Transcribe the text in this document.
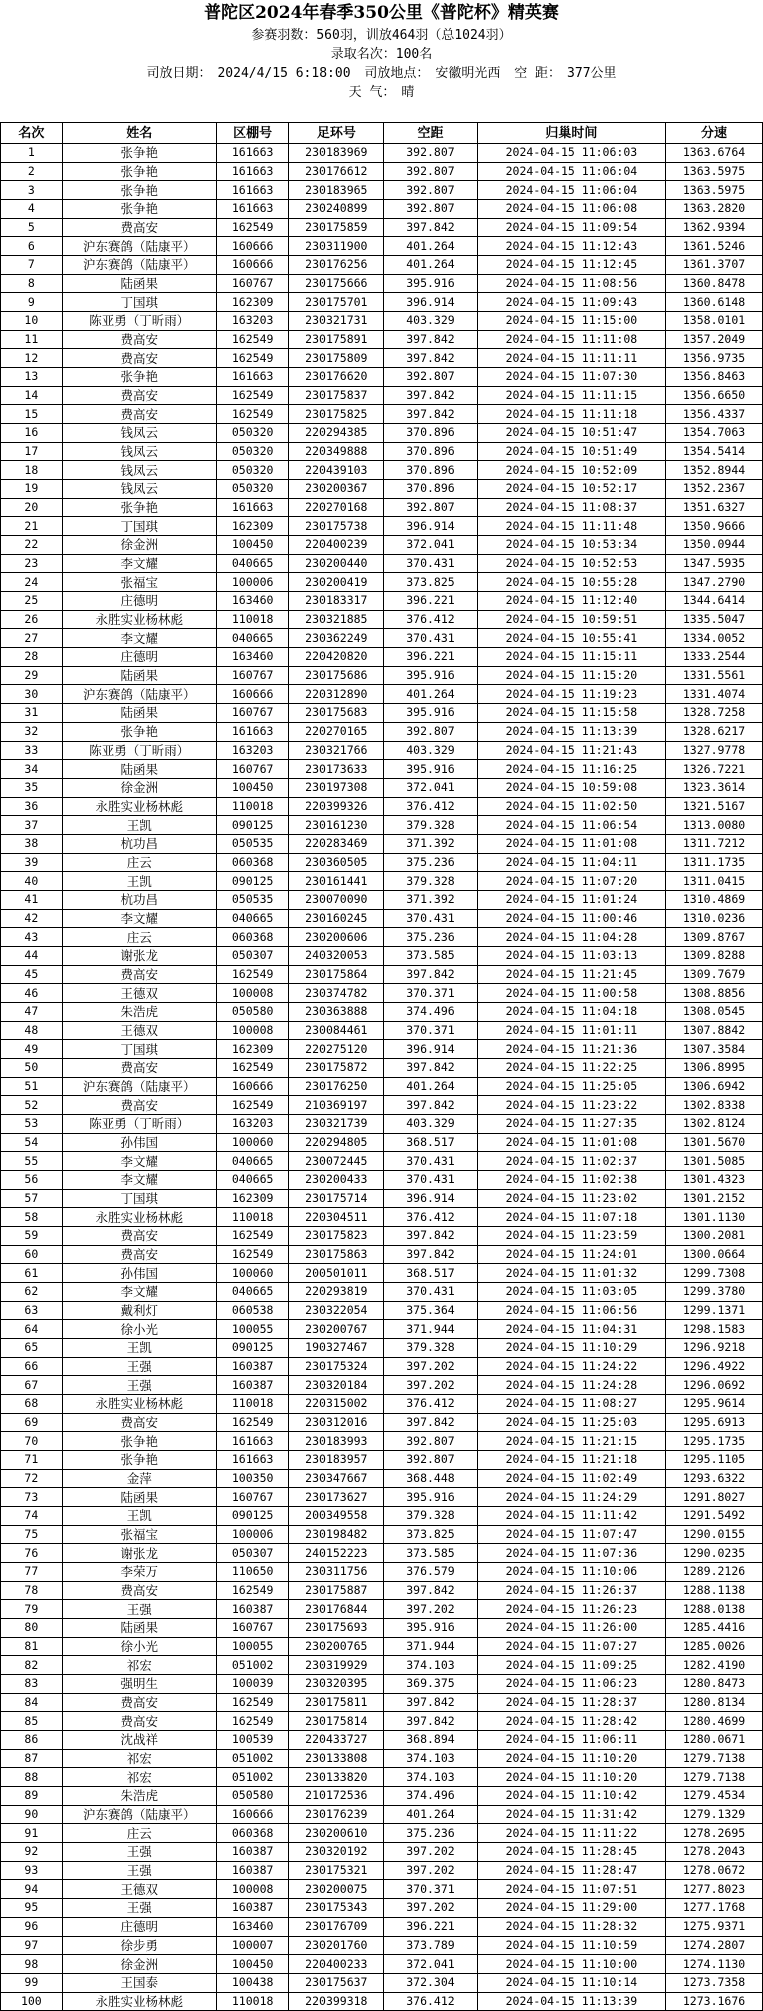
普陀区2024年春季350公里《普陀杯》精英赛
参赛羽数：560羽，训放464羽（总1024羽）
录取名次：100名
司放日期： 2024/4/15 6:18:00 司放地点： 安徽明光西 空 距： 377公里
天 气： 晴
名次	姓名	区棚号	足环号	空距	归巢时间	分速
1	张争艳	161663	230183969	392.807	2024-04-15 11:06:03	1363.6764
2	张争艳	161663	230176612	392.807	2024-04-15 11:06:04	1363.5975
3	张争艳	161663	230183965	392.807	2024-04-15 11:06:04	1363.5975
4	张争艳	161663	230240899	392.807	2024-04-15 11:06:08	1363.2820
5	费高安	162549	230175859	397.842	2024-04-15 11:09:54	1362.9394
6	沪东赛鸽（陆康平）	160666	230311900	401.264	2024-04-15 11:12:43	1361.5246
7	沪东赛鸽（陆康平）	160666	230176256	401.264	2024-04-15 11:12:45	1361.3707
8	陆函果	160767	230175666	395.916	2024-04-15 11:08:56	1360.8478
9	丁国琪	162309	230175701	396.914	2024-04-15 11:09:43	1360.6148
10	陈亚勇（丁昕雨）	163203	230321731	403.329	2024-04-15 11:15:00	1358.0101
11	费高安	162549	230175891	397.842	2024-04-15 11:11:08	1357.2049
12	费高安	162549	230175809	397.842	2024-04-15 11:11:11	1356.9735
13	张争艳	161663	230176620	392.807	2024-04-15 11:07:30	1356.8463
14	费高安	162549	230175837	397.842	2024-04-15 11:11:15	1356.6650
15	费高安	162549	230175825	397.842	2024-04-15 11:11:18	1356.4337
16	钱凤云	050320	220294385	370.896	2024-04-15 10:51:47	1354.7063
17	钱凤云	050320	220349888	370.896	2024-04-15 10:51:49	1354.5414
18	钱凤云	050320	220439103	370.896	2024-04-15 10:52:09	1352.8944
19	钱凤云	050320	230200367	370.896	2024-04-15 10:52:17	1352.2367
20	张争艳	161663	220270168	392.807	2024-04-15 11:08:37	1351.6327
21	丁国琪	162309	230175738	396.914	2024-04-15 11:11:48	1350.9666
22	徐金洲	100450	220400239	372.041	2024-04-15 10:53:34	1350.0944
23	李文耀	040665	230200440	370.431	2024-04-15 10:52:53	1347.5935
24	张福宝	100006	230200419	373.825	2024-04-15 10:55:28	1347.2790
25	庄德明	163460	230183317	396.221	2024-04-15 11:12:40	1344.6414
26	永胜实业杨林彪	110018	230321885	376.412	2024-04-15 10:59:51	1335.5047
27	李文耀	040665	230362249	370.431	2024-04-15 10:55:41	1334.0052
28	庄德明	163460	220420820	396.221	2024-04-15 11:15:11	1333.2544
29	陆函果	160767	230175686	395.916	2024-04-15 11:15:20	1331.5561
30	沪东赛鸽（陆康平）	160666	220312890	401.264	2024-04-15 11:19:23	1331.4074
31	陆函果	160767	230175683	395.916	2024-04-15 11:15:58	1328.7258
32	张争艳	161663	220270165	392.807	2024-04-15 11:13:39	1328.6217
33	陈亚勇（丁昕雨）	163203	230321766	403.329	2024-04-15 11:21:43	1327.9778
34	陆函果	160767	230173633	395.916	2024-04-15 11:16:25	1326.7221
35	徐金洲	100450	230197308	372.041	2024-04-15 10:59:08	1323.3614
36	永胜实业杨林彪	110018	220399326	376.412	2024-04-15 11:02:50	1321.5167
37	王凯	090125	230161230	379.328	2024-04-15 11:06:54	1313.0080
38	杭功昌	050535	220283469	371.392	2024-04-15 11:01:08	1311.7212
39	庄云	060368	230360505	375.236	2024-04-15 11:04:11	1311.1735
40	王凯	090125	230161441	379.328	2024-04-15 11:07:20	1311.0415
41	杭功昌	050535	230070090	371.392	2024-04-15 11:01:24	1310.4869
42	李文耀	040665	230160245	370.431	2024-04-15 11:00:46	1310.0236
43	庄云	060368	230200606	375.236	2024-04-15 11:04:28	1309.8767
44	谢张龙	050307	240320053	373.585	2024-04-15 11:03:13	1309.8288
45	费高安	162549	230175864	397.842	2024-04-15 11:21:45	1309.7679
46	王德双	100008	230374782	370.371	2024-04-15 11:00:58	1308.8856
47	朱浩虎	050580	230363888	374.496	2024-04-15 11:04:18	1308.0545
48	王德双	100008	230084461	370.371	2024-04-15 11:01:11	1307.8842
49	丁国琪	162309	220275120	396.914	2024-04-15 11:21:36	1307.3584
50	费高安	162549	230175872	397.842	2024-04-15 11:22:25	1306.8995
51	沪东赛鸽（陆康平）	160666	230176250	401.264	2024-04-15 11:25:05	1306.6942
52	费高安	162549	210369197	397.842	2024-04-15 11:23:22	1302.8338
53	陈亚勇（丁昕雨）	163203	230321739	403.329	2024-04-15 11:27:35	1302.8124
54	孙伟国	100060	220294805	368.517	2024-04-15 11:01:08	1301.5670
55	李文耀	040665	230072445	370.431	2024-04-15 11:02:37	1301.5085
56	李文耀	040665	230200433	370.431	2024-04-15 11:02:38	1301.4323
57	丁国琪	162309	230175714	396.914	2024-04-15 11:23:02	1301.2152
58	永胜实业杨林彪	110018	220304511	376.412	2024-04-15 11:07:18	1301.1130
59	费高安	162549	230175823	397.842	2024-04-15 11:23:59	1300.2081
60	费高安	162549	230175863	397.842	2024-04-15 11:24:01	1300.0664
61	孙伟国	100060	200501011	368.517	2024-04-15 11:01:32	1299.7308
62	李文耀	040665	220293819	370.431	2024-04-15 11:03:05	1299.3780
63	戴利灯	060538	230322054	375.364	2024-04-15 11:06:56	1299.1371
64	徐小光	100055	230200767	371.944	2024-04-15 11:04:31	1298.1583
65	王凯	090125	190327467	379.328	2024-04-15 11:10:29	1296.9218
66	王强	160387	230175324	397.202	2024-04-15 11:24:22	1296.4922
67	王强	160387	230320184	397.202	2024-04-15 11:24:28	1296.0692
68	永胜实业杨林彪	110018	220315002	376.412	2024-04-15 11:08:27	1295.9614
69	费高安	162549	230312016	397.842	2024-04-15 11:25:03	1295.6913
70	张争艳	161663	230183993	392.807	2024-04-15 11:21:15	1295.1735
71	张争艳	161663	230183957	392.807	2024-04-15 11:21:18	1295.1105
72	金萍	100350	230347667	368.448	2024-04-15 11:02:49	1293.6322
73	陆函果	160767	230173627	395.916	2024-04-15 11:24:29	1291.8027
74	王凯	090125	200349558	379.328	2024-04-15 11:11:42	1291.5492
75	张福宝	100006	230198482	373.825	2024-04-15 11:07:47	1290.0155
76	谢张龙	050307	240152223	373.585	2024-04-15 11:07:36	1290.0235
77	李荣万	110650	230311756	376.579	2024-04-15 11:10:06	1289.2126
78	费高安	162549	230175887	397.842	2024-04-15 11:26:37	1288.1138
79	王强	160387	230176844	397.202	2024-04-15 11:26:23	1288.0138
80	陆函果	160767	230175693	395.916	2024-04-15 11:26:00	1285.4416
81	徐小光	100055	230200765	371.944	2024-04-15 11:07:27	1285.0026
82	祁宏	051002	230319929	374.103	2024-04-15 11:09:25	1282.4190
83	强明生	100039	230320395	369.375	2024-04-15 11:06:23	1280.8473
84	费高安	162549	230175811	397.842	2024-04-15 11:28:37	1280.8134
85	费高安	162549	230175814	397.842	2024-04-15 11:28:42	1280.4699
86	沈战祥	100539	220433727	368.894	2024-04-15 11:06:11	1280.0671
87	祁宏	051002	230133808	374.103	2024-04-15 11:10:20	1279.7138
88	祁宏	051002	230133820	374.103	2024-04-15 11:10:20	1279.7138
89	朱浩虎	050580	210172536	374.496	2024-04-15 11:10:42	1279.4534
90	沪东赛鸽（陆康平）	160666	230176239	401.264	2024-04-15 11:31:42	1279.1329
91	庄云	060368	230200610	375.236	2024-04-15 11:11:22	1278.2695
92	王强	160387	230320192	397.202	2024-04-15 11:28:45	1278.2043
93	王强	160387	230175321	397.202	2024-04-15 11:28:47	1278.0672
94	王德双	100008	230200075	370.371	2024-04-15 11:07:51	1277.8023
95	王强	160387	230175343	397.202	2024-04-15 11:29:00	1277.1768
96	庄德明	163460	230176709	396.221	2024-04-15 11:28:32	1275.9371
97	徐步勇	100007	230201760	373.789	2024-04-15 11:10:59	1274.2807
98	徐金洲	100450	220400233	372.041	2024-04-15 11:10:00	1274.1130
99	王国泰	100438	230175637	372.304	2024-04-15 11:10:14	1273.7358
100	永胜实业杨林彪	110018	220399318	376.412	2024-04-15 11:13:39	1273.1676
